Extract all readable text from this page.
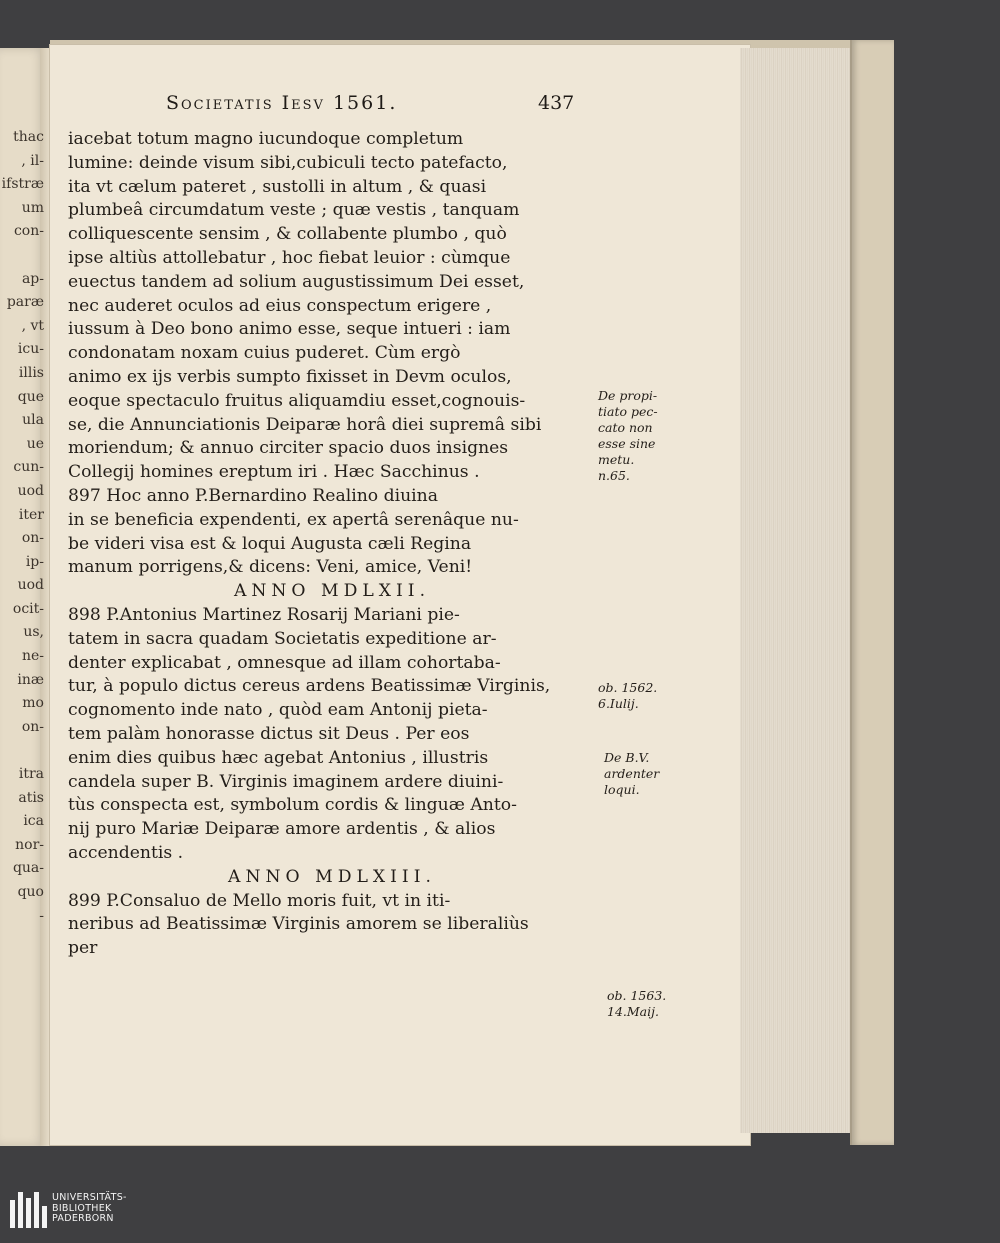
thac
, il-
ifstræ
um
con-
ap-
paræ
, vt
icu-
illis
que
ula
ue
cun-
uod
iter
on-
ip-
uod
ocit-
us,
ne-
inæ
mo
on-
itra
atis
ica
nor-
qua-
quo
-
Societatis Iesv 1561.	437
iacebat totum magno iucundoque completum
lumine: deinde visum sibi,cubiculi tecto patefacto,
ita vt cælum pateret , sustolli in altum , & quasi
plumbeâ circumdatum veste ; quæ vestis , tanquam
colliquescente sensim , & collabente plumbo , quò
ipse altiùs attollebatur , hoc fiebat leuior : cùmque
euectus tandem ad solium augustissimum Dei esset,
nec auderet oculos ad eius conspectum erigere ,
iussum à Deo bono animo esse, seque intueri : iam
condonatam noxam cuius puderet. Cùm ergò
animo ex ijs verbis sumpto fixisset in Devm oculos,
eoque spectaculo fruitus aliquamdiu esset,cognouis-
se, die Annunciationis Deiparæ horâ diei supremâ sibi
moriendum; & annuo circiter spacio duos insignes
Collegij homines ereptum iri . Hæc Sacchinus .
897 Hoc anno P.Bernardino Realino diuina
in se beneficia expendenti, ex apertâ serenâque nu-
be videri visa est & loqui Augusta cæli Regina
manum porrigens,& dicens: Veni, amice, Veni!
ANNO MDLXII.
898 P.Antonius Martinez Rosarij Mariani pie-
tatem in sacra quadam Societatis expeditione ar-
denter explicabat , omnesque ad illam cohortaba-
tur, à populo dictus cereus ardens Beatissimæ Virginis,
cognomento inde nato , quòd eam Antonij pieta-
tem palàm honorasse dictus sit Deus . Per eos
enim dies quibus hæc agebat Antonius , illustris
candela super B. Virginis imaginem ardere diuini-
tùs conspecta est, symbolum cordis & linguæ Anto-
nij puro Mariæ Deiparæ amore ardentis , & alios
accendentis .
ANNO MDLXIII.
899 P.Consaluo de Mello moris fuit, vt in iti-
neribus ad Beatissimæ Virginis amorem se liberaliùs
per
De propi-
tiato pec-
cato non
esse sine
metu.
n.65.
ob. 1562.
6.Iulij.
De B.V.
ardenter
loqui.
ob. 1563.
14.Maij.
UNIVERSITÄTS-
BIBLIOTHEK
PADERBORN
